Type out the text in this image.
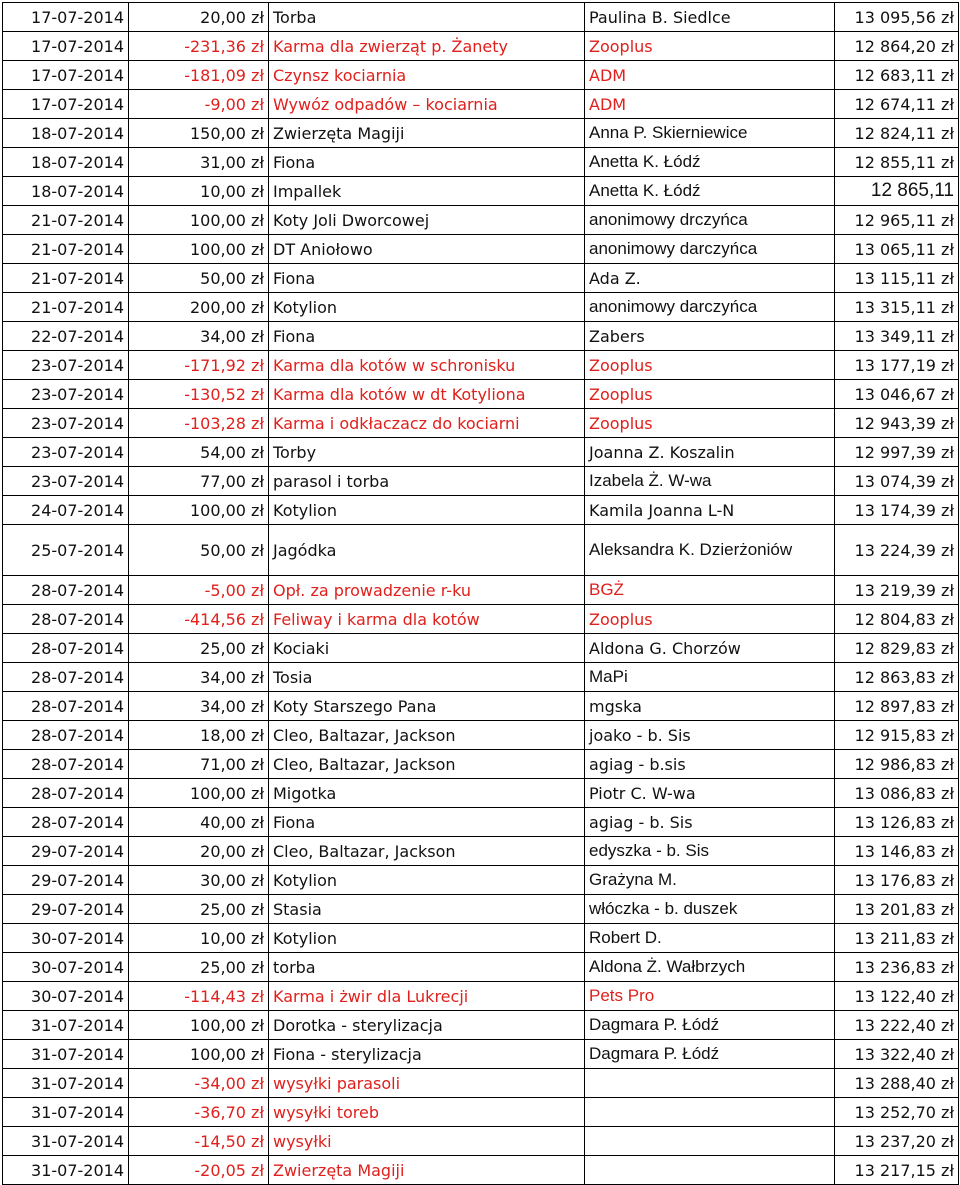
17-07-2014	20,00 zł	Torba	Paulina B. Siedlce	13 095,56 zł
17-07-2014	-231,36 zł	Karma dla zwierząt p. Żanety	Zooplus	12 864,20 zł
17-07-2014	-181,09 zł	Czynsz kociarnia	ADM	12 683,11 zł
17-07-2014	-9,00 zł	Wywóz odpadów – kociarnia	ADM	12 674,11 zł
18-07-2014	150,00 zł	Zwierzęta Magiji	Anna P. Skierniewice	12 824,11 zł
18-07-2014	31,00 zł	Fiona	Anetta K. Łódź	12 855,11 zł
18-07-2014	10,00 zł	Impallek	Anetta K. Łódź	12 865,11
21-07-2014	100,00 zł	Koty Joli Dworcowej	anonimowy drczyńca	12 965,11 zł
21-07-2014	100,00 zł	DT Aniołowo	anonimowy darczyńca	13 065,11 zł
21-07-2014	50,00 zł	Fiona	Ada Z.	13 115,11 zł
21-07-2014	200,00 zł	Kotylion	anonimowy darczyńca	13 315,11 zł
22-07-2014	34,00 zł	Fiona	Zabers	13 349,11 zł
23-07-2014	-171,92 zł	Karma dla kotów w schronisku	Zooplus	13 177,19 zł
23-07-2014	-130,52 zł	Karma dla kotów w dt Kotyliona	Zooplus	13 046,67 zł
23-07-2014	-103,28 zł	Karma i odkłaczacz do kociarni	Zooplus	12 943,39 zł
23-07-2014	54,00 zł	Torby	Joanna Z. Koszalin	12 997,39 zł
23-07-2014	77,00 zł	parasol i torba	Izabela Ż. W-wa	13 074,39 zł
24-07-2014	100,00 zł	Kotylion	Kamila Joanna L-N	13 174,39 zł
25-07-2014	50,00 zł	Jagódka	Aleksandra K. Dzierżoniów	13 224,39 zł
28-07-2014	-5,00 zł	Opł. za prowadzenie r-ku	BGŻ	13 219,39 zł
28-07-2014	-414,56 zł	Feliway i karma dla kotów	Zooplus	12 804,83 zł
28-07-2014	25,00 zł	Kociaki	Aldona G. Chorzów	12 829,83 zł
28-07-2014	34,00 zł	Tosia	MaPi	12 863,83 zł
28-07-2014	34,00 zł	Koty Starszego Pana	mgska	12 897,83 zł
28-07-2014	18,00 zł	Cleo, Baltazar, Jackson	joako - b. Sis	12 915,83 zł
28-07-2014	71,00 zł	Cleo, Baltazar, Jackson	agiag - b.sis	12 986,83 zł
28-07-2014	100,00 zł	Migotka	Piotr C. W-wa	13 086,83 zł
28-07-2014	40,00 zł	Fiona	agiag - b. Sis	13 126,83 zł
29-07-2014	20,00 zł	Cleo, Baltazar, Jackson	edyszka - b. Sis	13 146,83 zł
29-07-2014	30,00 zł	Kotylion	Grażyna M.	13 176,83 zł
29-07-2014	25,00 zł	Stasia	włóczka - b. duszek	13 201,83 zł
30-07-2014	10,00 zł	Kotylion	Robert D.	13 211,83 zł
30-07-2014	25,00 zł	torba	Aldona Ż. Wałbrzych	13 236,83 zł
30-07-2014	-114,43 zł	Karma i żwir dla Lukrecji	Pets Pro	13 122,40 zł
31-07-2014	100,00 zł	Dorotka - sterylizacja	Dagmara P. Łódź	13 222,40 zł
31-07-2014	100,00 zł	Fiona - sterylizacja	Dagmara P. Łódź	13 322,40 zł
31-07-2014	-34,00 zł	wysyłki parasoli		13 288,40 zł
31-07-2014	-36,70 zł	wysyłki toreb		13 252,70 zł
31-07-2014	-14,50 zł	wysyłki		13 237,20 zł
31-07-2014	-20,05 zł	Zwierzęta Magiji		13 217,15 zł
